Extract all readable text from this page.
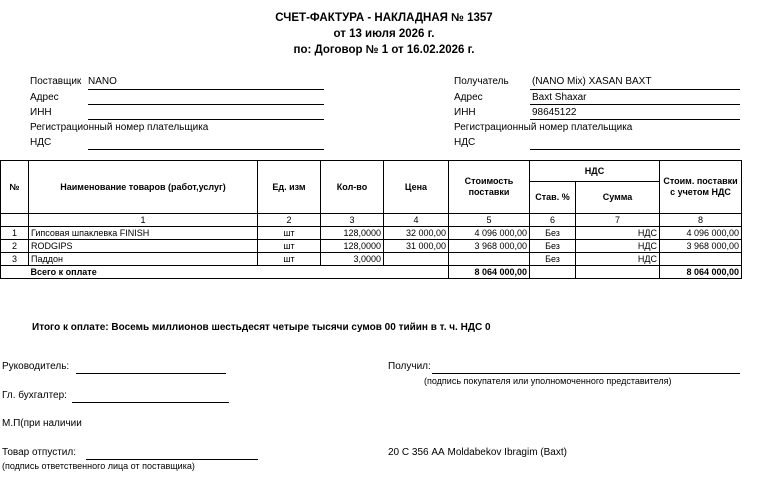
СЧЕТ-ФАКТУРА - НАКЛАДНАЯ № 1357
от 13 июля 2026 г.
по: Договор № 1 от 16.02.2026 г.
Поставщик NANO
Адрес
ИНН
Регистрационный номер плательщика
НДС
Получатель (NANO Mix) XASAN BAXT
Адрес	Baxt Shaxar
ИНН	98645122
Регистрационный номер плательщика
НДС
№	Наименование товаров (работ,услуг)	Ед. изм	Кол-во	Цена	Стоимость поставки	НДС		Стоим. поставки с учетом НДС
						Став. %	Сумма	
	1	2	3	4	5	6	7	8
1	Гипсовая шпаклевка FINISH	шт	128,0000	32 000,00	4 096 000,00	Без	НДС	4 096 000,00
2	RODGIPS	шт	128,0000	31 000,00	3 968 000,00	Без	НДС	3 968 000,00
3	Паддон	шт	3,0000			Без	НДС	
	Всего к оплате				8 064 000,00			8 064 000,00
Итого к оплате: Восемь миллионов шестьдесят четыре тысячи сумов 00 тийин в т. ч. НДС 0
Руководитель:	Получил:
(подпись покупателя или уполномоченного представителя)
Гл. бухгалтер:
М.П(при наличии
Товар отпустил:
(подпись ответственного лица от поставщика)
20 С 356 АА Moldabekov Ibragim (Baxt)
